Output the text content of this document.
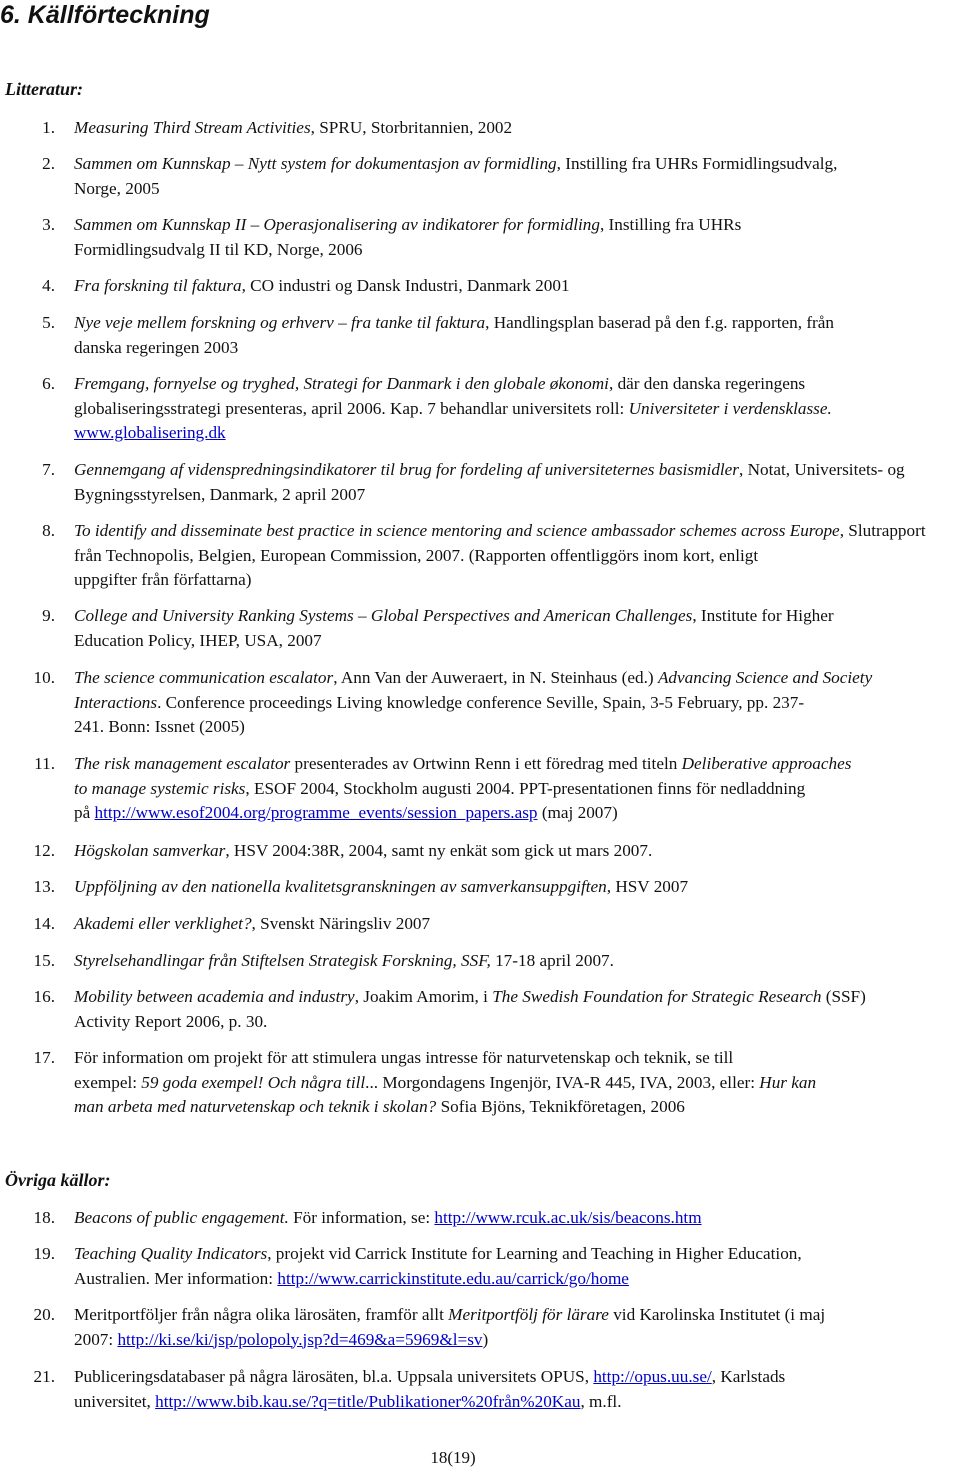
6. Källförteckning
Litteratur:
1. Measuring Third Stream Activities, SPRU, Storbritannien, 2002
2. Sammen om Kunnskap – Nytt system for dokumentasjon av formidling, Instilling fra UHRs Formidlingsudvalg,
Norge, 2005
3. Sammen om Kunnskap II – Operasjonalisering av indikatorer for formidling, Instilling fra UHRs
Formidlingsudvalg II til KD, Norge, 2006
4. Fra forskning til faktura, CO industri og Dansk Industri, Danmark 2001
5. Nye veje mellem forskning og erhverv – fra tanke til faktura, Handlingsplan baserad på den f.g. rapporten, från
danska regeringen 2003
6. Fremgang, fornyelse og tryghed, Strategi for Danmark i den globale økonomi, där den danska regeringens
globaliseringsstrategi presenteras, april 2006. Kap. 7 behandlar universitets roll: Universiteter i verdensklasse.
www.globalisering.dk
7. Gennemgang af videnspredningsindikatorer til brug for fordeling af universiteternes basismidler, Notat, Universitets- og
Bygningsstyrelsen, Danmark, 2 april 2007
8. To identify and disseminate best practice in science mentoring and science ambassador schemes across Europe, Slutrapport
från Technopolis, Belgien, European Commission, 2007. (Rapporten offentliggörs inom kort, enligt
uppgifter från författarna)
9. College and University Ranking Systems – Global Perspectives and American Challenges, Institute for Higher
Education Policy, IHEP, USA, 2007
10. The science communication escalator, Ann Van der Auweraert, in N. Steinhaus (ed.) Advancing Science and Society
Interactions. Conference proceedings Living knowledge conference Seville, Spain, 3-5 February, pp. 237-
241. Bonn: Issnet (2005)
11. The risk management escalator presenterades av Ortwinn Renn i ett föredrag med titeln Deliberative approaches
to manage systemic risks, ESOF 2004, Stockholm augusti 2004. PPT-presentationen finns för nedladdning
på http://www.esof2004.org/programme_events/session_papers.asp (maj 2007)
12. Högskolan samverkar, HSV 2004:38R, 2004, samt ny enkät som gick ut mars 2007.
13. Uppföljning av den nationella kvalitetsgranskningen av samverkansuppgiften, HSV 2007
14. Akademi eller verklighet?, Svenskt Näringsliv 2007
15. Styrelsehandlingar från Stiftelsen Strategisk Forskning, SSF, 17-18 april 2007.
16. Mobility between academia and industry, Joakim Amorim, i The Swedish Foundation for Strategic Research (SSF)
Activity Report 2006, p. 30.
17. För information om projekt för att stimulera ungas intresse för naturvetenskap och teknik, se till
exempel: 59 goda exempel! Och några till... Morgondagens Ingenjör, IVA-R 445, IVA, 2003, eller: Hur kan
man arbeta med naturvetenskap och teknik i skolan? Sofia Bjöns, Teknikföretagen, 2006
Övriga källor:
18. Beacons of public engagement. För information, se: http://www.rcuk.ac.uk/sis/beacons.htm
19. Teaching Quality Indicators, projekt vid Carrick Institute for Learning and Teaching in Higher Education,
Australien. Mer information: http://www.carrickinstitute.edu.au/carrick/go/home
20. Meritportföljer från några olika lärosäten, framför allt Meritportfölj för lärare vid Karolinska Institutet (i maj
2007: http://ki.se/ki/jsp/polopoly.jsp?d=469&a=5969&l=sv)
21. Publiceringsdatabaser på några lärosäten, bl.a. Uppsala universitets OPUS, http://opus.uu.se/, Karlstads
universitet, http://www.bib.kau.se/?q=title/Publikationer%20från%20Kau, m.fl.
18(19)
